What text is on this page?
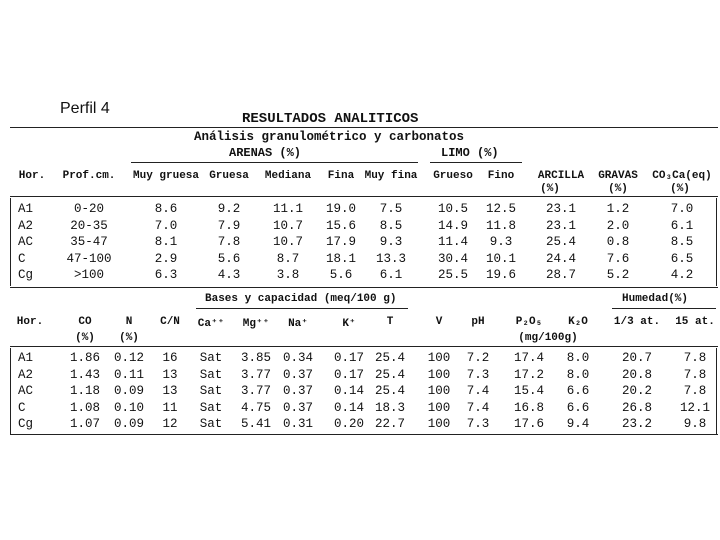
Perfil 4
RESULTADOS ANALITICOS
Análisis granulométrico y carbonatos
ARENAS (%)	LIMO (%)
Hor. Prof.cm. Muy gruesa Gruesa Mediana Fina Muy fina Grueso Fino ARCILLA GRAVAS CO₃Ca(eq)
(%)	(%)	(%)
A1	0-20	8.6	9.2	11.1 19.0 7.5	10.5 12.5 23.1 1.2	7.0
A2	20-35	7.0	7.9	10.7 15.6 8.5	14.9 11.8 23.1 2.0	6.1
AC	35-47	8.1	7.8	10.7 17.9 9.3	11.4 9.3	25.4 0.8	8.5
C	47-100	2.9	5.6	8.7 18.1 13.3	30.4 10.1 24.4 7.6	6.5
Cg	>100	6.3	4.3	3.8 5.6 6.1	25.5 19.6 28.7 5.2	4.2
Bases y capacidad (meq/100 g)	Humedad(%)
Hor.	CO	N	C/N Ca⁺⁺ Mg⁺⁺ Na⁺	K⁺	T	V	pH	P₂O₅ K₂O 1/3 at. 15 at.
(%) (%)	(mg/100g)
A1	1.86 0.12 16 Sat 3.85 0.34 0.17 25.4 100 7.2 17.4 8.0	20.7	7.8
A2	1.43 0.11 13 Sat 3.77 0.37 0.17 25.4 100 7.3 17.2 8.0	20.8	7.8
AC	1.18 0.09 13 Sat 3.77 0.37 0.14 25.4 100 7.4 15.4 6.6	20.2	7.8
C	1.08 0.10 11 Sat 4.75 0.37 0.14 18.3 100 7.4 16.8 6.6	26.8 12.1
Cg	1.07 0.09 12 Sat 5.41 0.31 0.20 22.7 100 7.3 17.6 9.4	23.2	9.8
